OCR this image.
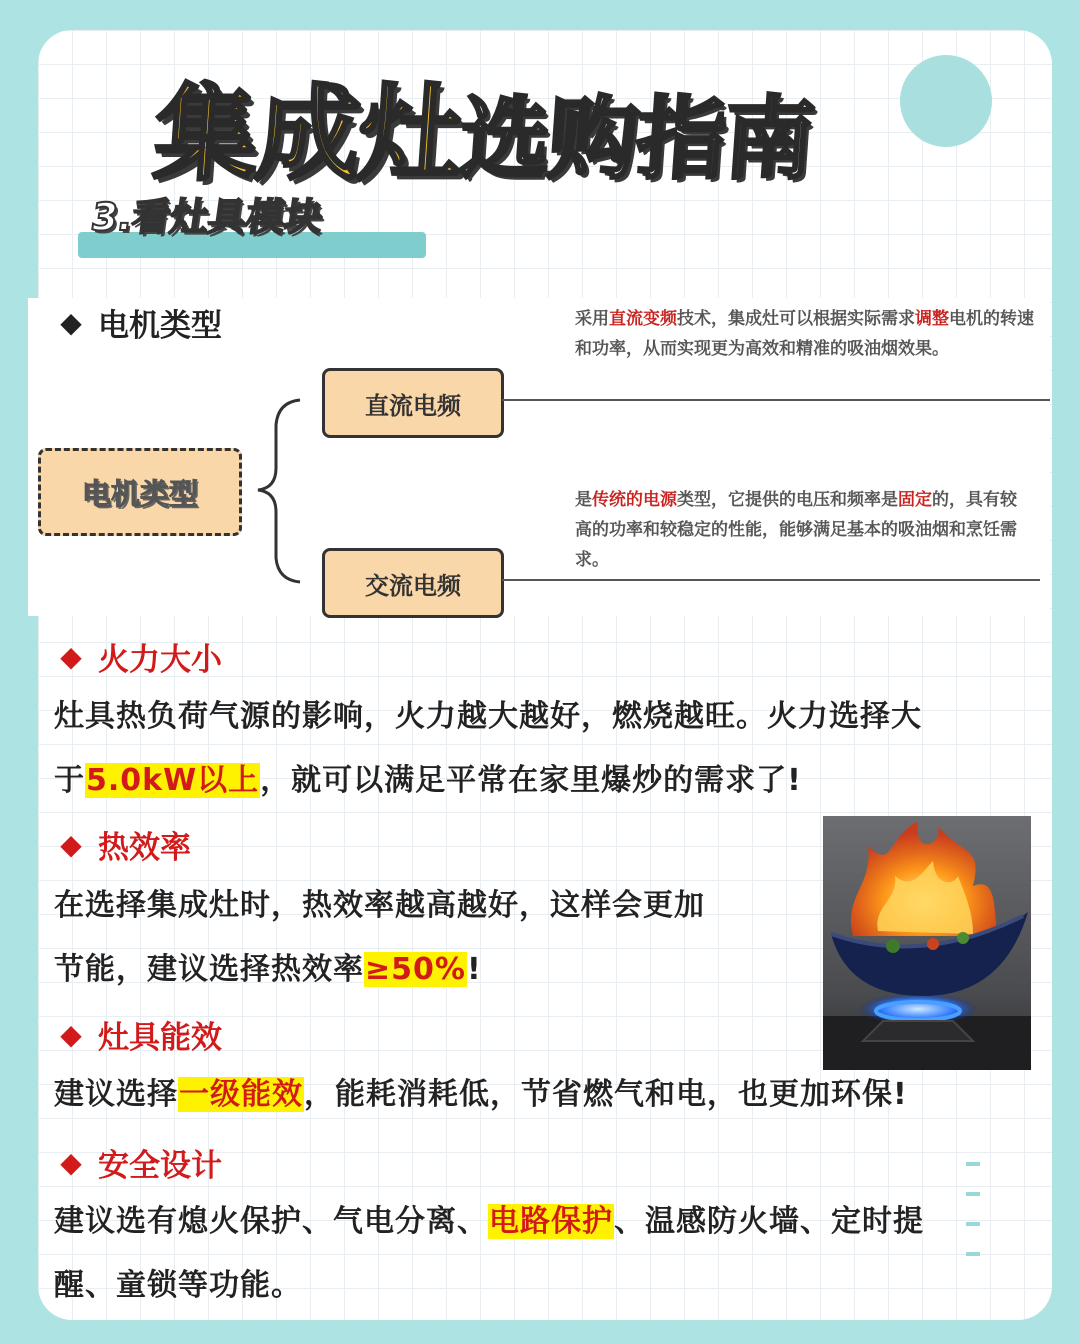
集成灶选购指南
3.看灶具模块
◆ 电机类型
电机类型
直流电频
交流电频
采用直流变频技术，集成灶可以根据实际需求调整电机的转速和功率，从而实现更为高效和精准的吸油烟效果。
是传统的电源类型，它提供的电压和频率是固定的，具有较高的功率和较稳定的性能，能够满足基本的吸油烟和烹饪需求。
◆ 火力大小
灶具热负荷气源的影响，火力越大越好，燃烧越旺。火力选择大
于5.0kW以上，就可以满足平常在家里爆炒的需求了!
◆ 热效率
在选择集成灶时，热效率越高越好，这样会更加
节能，建议选择热效率≥50%!
◆ 灶具能效
建议选择一级能效，能耗消耗低，节省燃气和电，也更加环保!
◆ 安全设计
建议选有熄火保护、气电分离、电路保护、温感防火墙、定时提
醒、童锁等功能。
